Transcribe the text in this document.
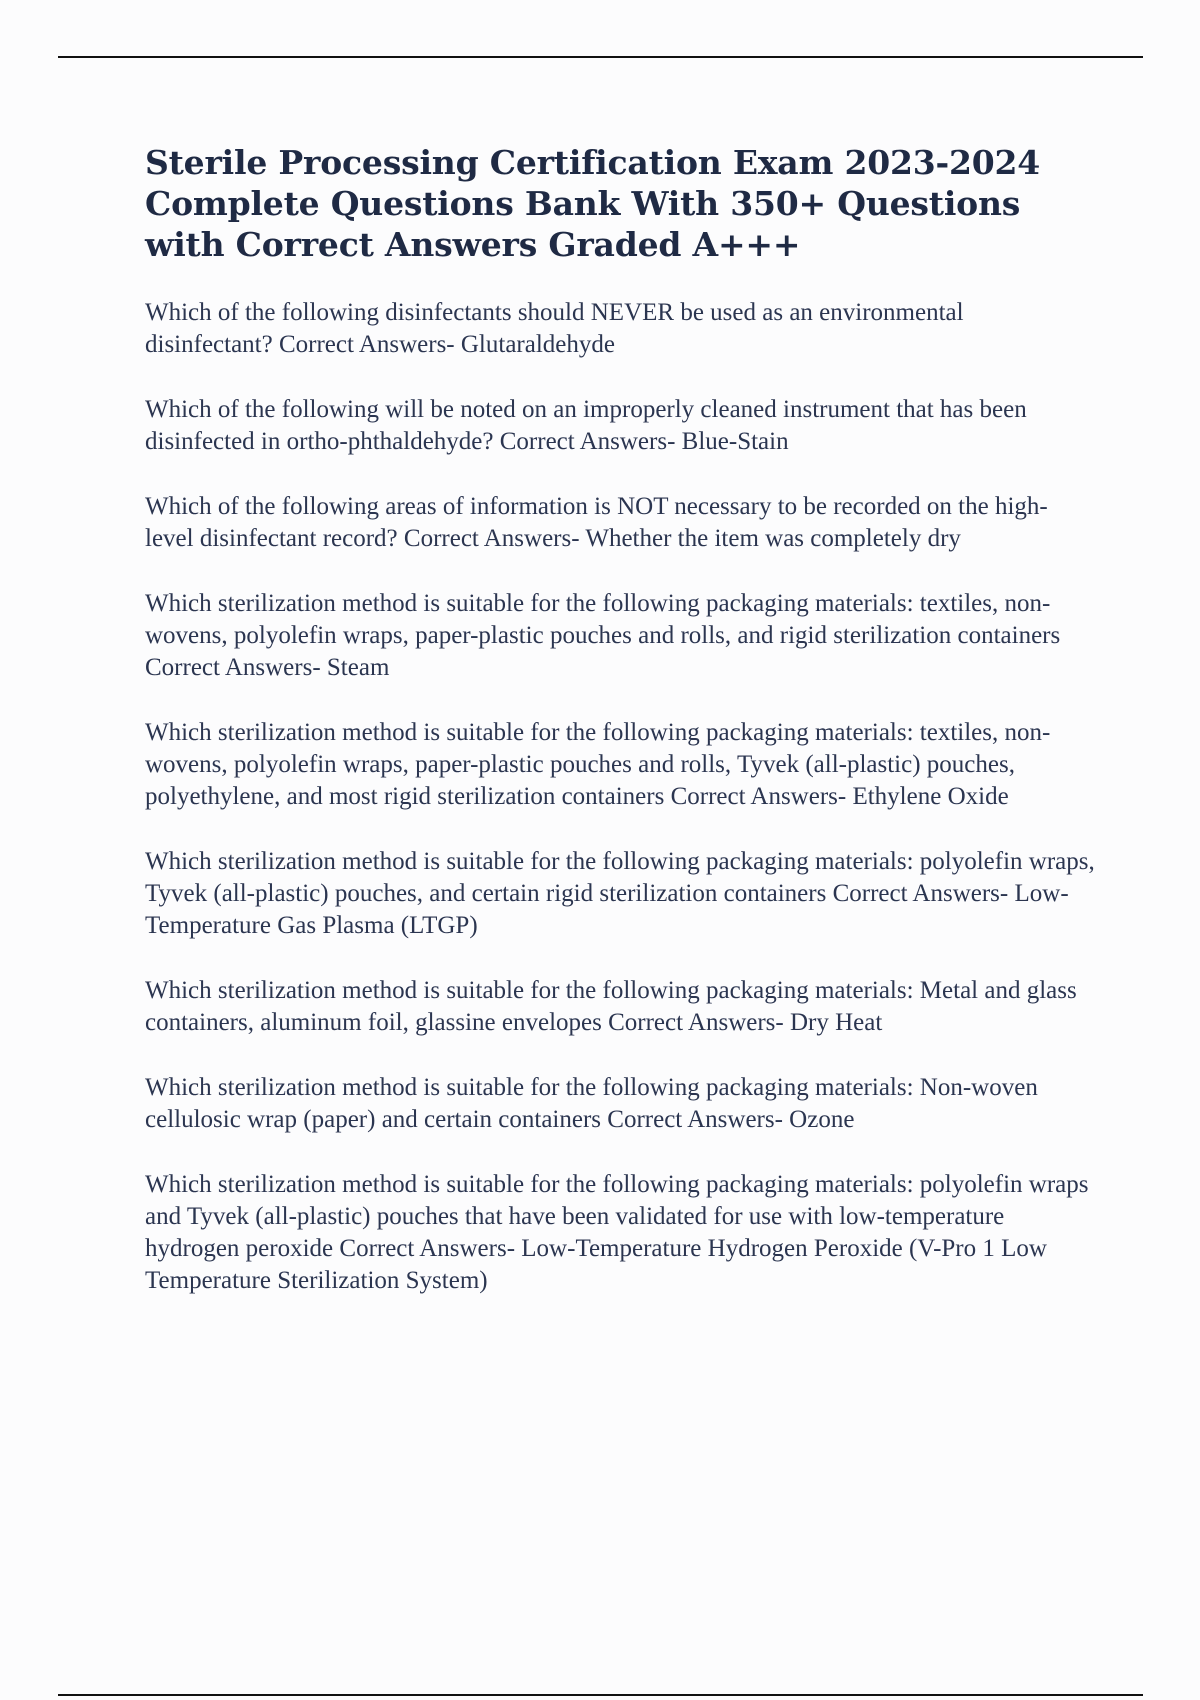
Sterile Processing Certification Exam 2023-2024 Complete Questions Bank With 350+ Questions with Correct Answers Graded A+++

Which of the following disinfectants should NEVER be used as an environmental disinfectant? Correct Answers- Glutaraldehyde

Which of the following will be noted on an improperly cleaned instrument that has been disinfected in ortho-phthaldehyde? Correct Answers- Blue-Stain

Which of the following areas of information is NOT necessary to be recorded on the high-level disinfectant record? Correct Answers- Whether the item was completely dry

Which sterilization method is suitable for the following packaging materials: textiles, non-wovens, polyolefin wraps, paper-plastic pouches and rolls, and rigid sterilization containersCorrect Answers- Steam

Which sterilization method is suitable for the following packaging materials: textiles, non-wovens, polyolefin wraps, paper-plastic pouches and rolls, Tyvek (all-plastic) pouches, polyethylene, and most rigid sterilization containers Correct Answers- Ethylene Oxide

Which sterilization method is suitable for the following packaging materials: polyolefin wraps, Tyvek (all-plastic) pouches, and certain rigid sterilization containers Correct Answers- Low-Temperature Gas Plasma (LTGP)

Which sterilization method is suitable for the following packaging materials: Metal and glass containers, aluminum foil, glassine envelopes Correct Answers- Dry Heat

Which sterilization method is suitable for the following packaging materials: Non-woven cellulosic wrap (paper) and certain containers Correct Answers- Ozone

Which sterilization method is suitable for the following packaging materials: polyolefin wraps and Tyvek (all-plastic) pouches that have been validated for use with low-temperature hydrogen peroxide Correct Answers- Low-Temperature Hydrogen Peroxide (V-Pro 1 Low Temperature Sterilization System)
